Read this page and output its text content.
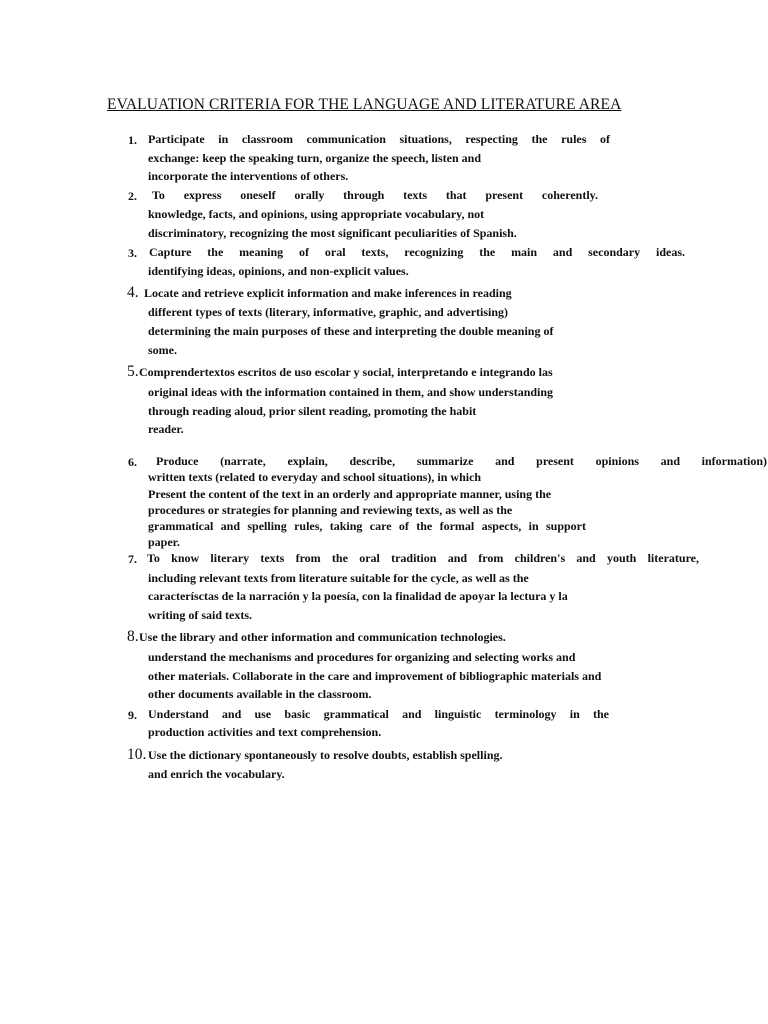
EVALUATION CRITERIA FOR THE LANGUAGE AND LITERATURE AREA
1. Participate in classroom communication situations, respecting the rules of
exchange: keep the speaking turn, organize the speech, listen and
incorporate the interventions of others.
2. To express oneself orally through texts that present coherently.
knowledge, facts, and opinions, using appropriate vocabulary, not
discriminatory, recognizing the most significant peculiarities of Spanish.
3. Capture the meaning of oral texts, recognizing the main and secondary ideas.
identifying ideas, opinions, and non-explicit values.
4. Locate and retrieve explicit information and make inferences in reading
different types of texts (literary, informative, graphic, and advertising)
determining the main purposes of these and interpreting the double meaning of
some.
5. Comprendertextos escritos de uso escolar y social, interpretando e integrando las
original ideas with the information contained in them, and show understanding
through reading aloud, prior silent reading, promoting the habit
reader.
6. Produce (narrate, explain, describe, summarize and present opinions and information)
written texts (related to everyday and school situations), in which
Present the content of the text in an orderly and appropriate manner, using the
procedures or strategies for planning and reviewing texts, as well as the
grammatical and spelling rules, taking care of the formal aspects, in support
paper.
7. To know literary texts from the oral tradition and from children's and youth literature,
including relevant texts from literature suitable for the cycle, as well as the
caracterísctas de la narración y la poesía, con la finalidad de apoyar la lectura y la
writing of said texts.
8. Use the library and other information and communication technologies.
understand the mechanisms and procedures for organizing and selecting works and
other materials. Collaborate in the care and improvement of bibliographic materials and
other documents available in the classroom.
9. Understand and use basic grammatical and linguistic terminology in the
production activities and text comprehension.
10. Use the dictionary spontaneously to resolve doubts, establish spelling.
and enrich the vocabulary.
